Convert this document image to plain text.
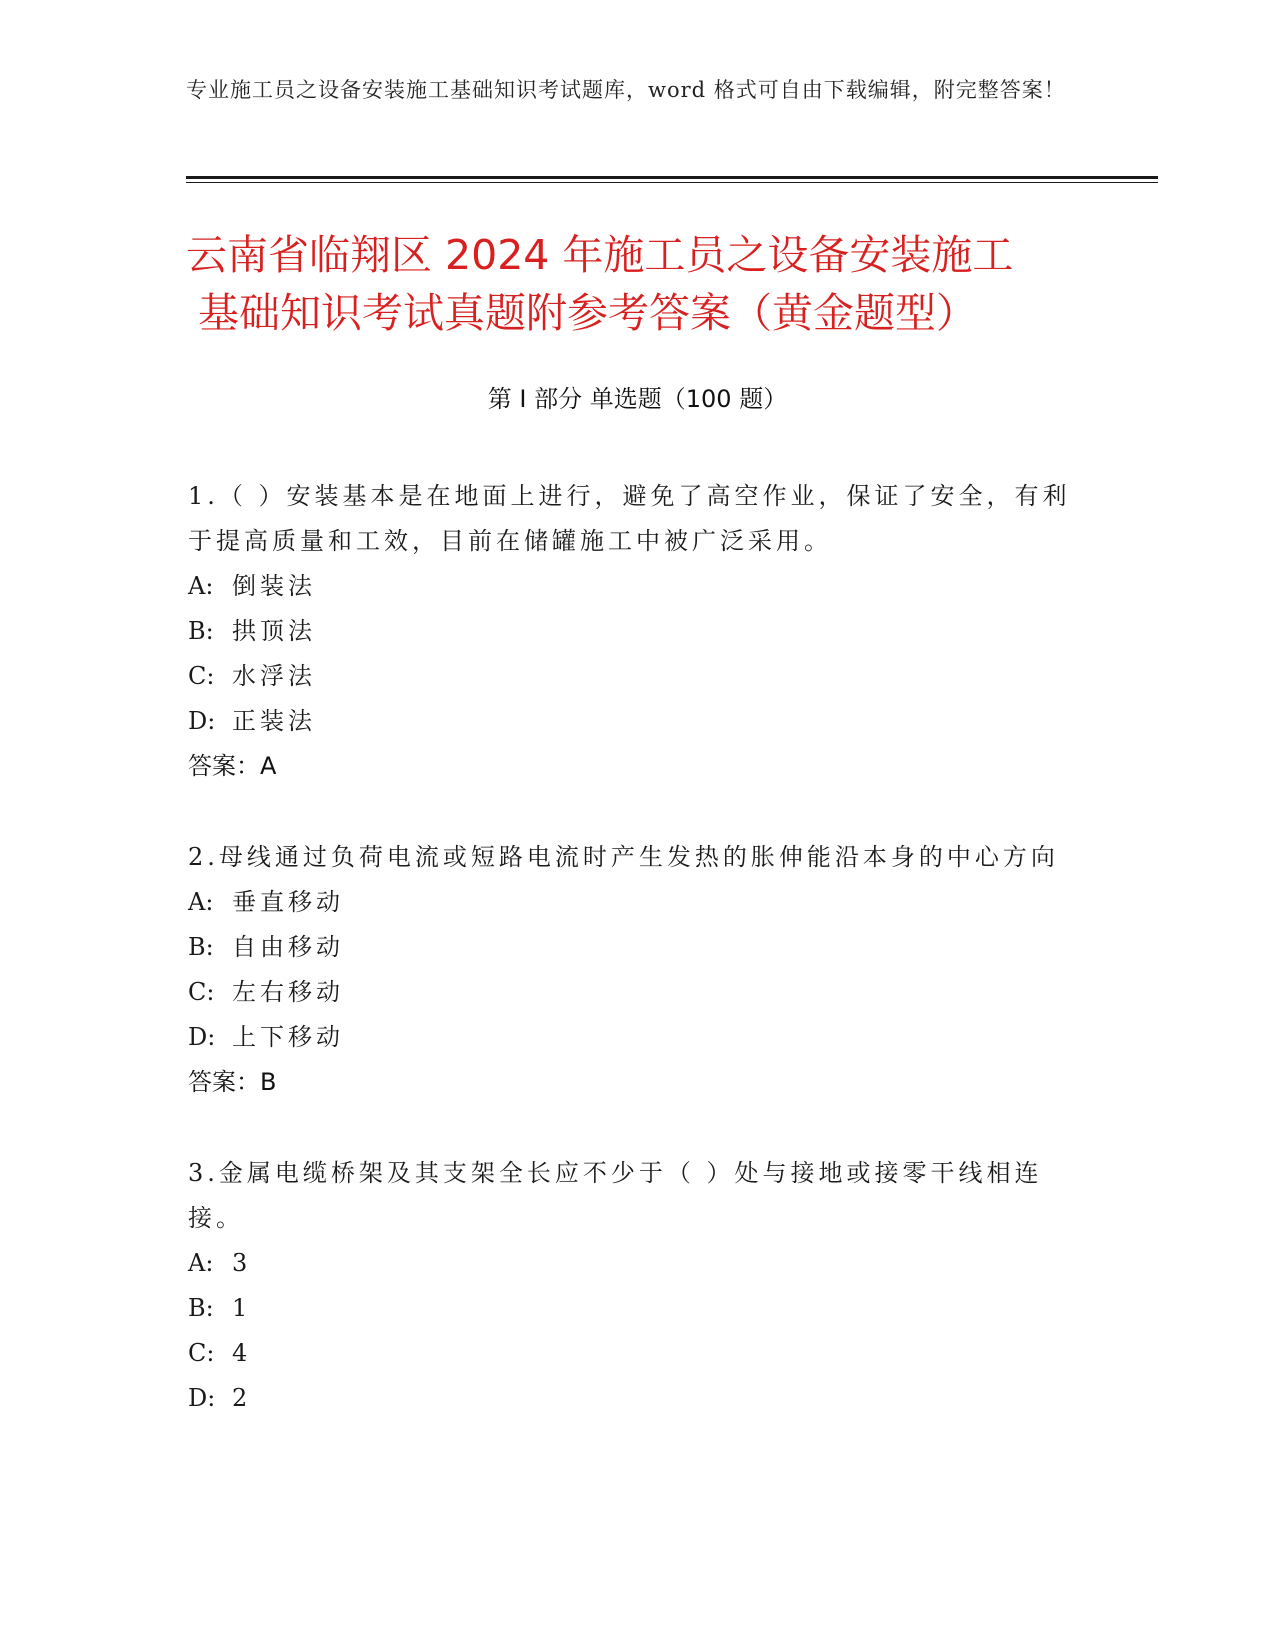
专业施工员之设备安装施工基础知识考试题库，word 格式可自由下载编辑，附完整答案！
云南省临翔区 2024 年施工员之设备安装施工
基础知识考试真题附参考答案（黄金题型）
第 I 部分 单选题（100 题）
1.（ ）安装基本是在地面上进行，避免了高空作业，保证了安全，有利于提高质量和工效，目前在储罐施工中被广泛采用。
A: 倒装法
B: 拱顶法
C: 水浮法
D: 正装法
答案：A
2.母线通过负荷电流或短路电流时产生发热的胀伸能沿本身的中心方向
A: 垂直移动
B: 自由移动
C: 左右移动
D: 上下移动
答案：B
3.金属电缆桥架及其支架全长应不少于（ ）处与接地或接零干线相连接。
A: 3
B: 1
C: 4
D: 2
